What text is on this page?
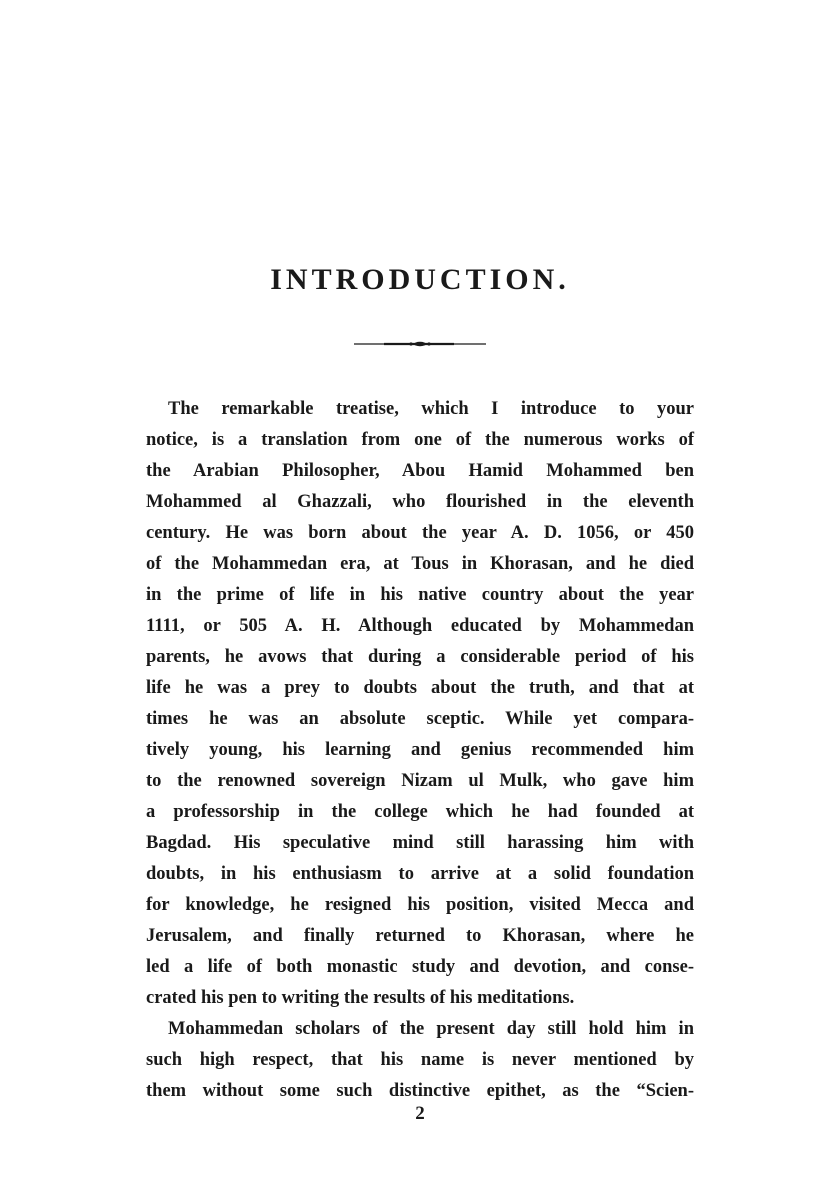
INTRODUCTION.
The remarkable treatise, which I introduce to your
notice, is a translation from one of the numerous works of
the Arabian Philosopher, Abou Hamid Mohammed ben
Mohammed al Ghazzali, who flourished in the eleventh
century. He was born about the year A. D. 1056, or 450
of the Mohammedan era, at Tous in Khorasan, and he died
in the prime of life in his native country about the year
1111, or 505 A. H. Although educated by Mohammedan
parents, he avows that during a considerable period of his
life he was a prey to doubts about the truth, and that at
times he was an absolute sceptic. While yet compara-
tively young, his learning and genius recommended him
to the renowned sovereign Nizam ul Mulk, who gave him
a professorship in the college which he had founded at
Bagdad. His speculative mind still harassing him with
doubts, in his enthusiasm to arrive at a solid foundation
for knowledge, he resigned his position, visited Mecca and
Jerusalem, and finally returned to Khorasan, where he
led a life of both monastic study and devotion, and conse-
crated his pen to writing the results of his meditations.
Mohammedan scholars of the present day still hold him in
such high respect, that his name is never mentioned by
them without some such distinctive epithet, as the “Scien-
2
